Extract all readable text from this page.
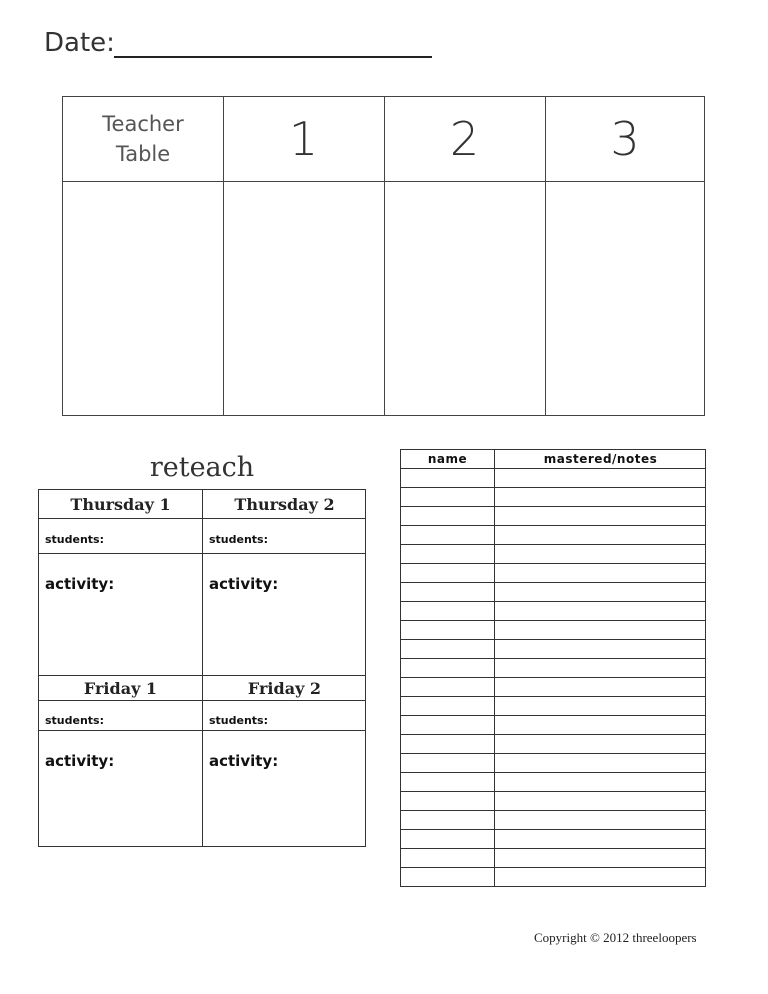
Date:
Teacher Table	1	2	3
reteach
Thursday 1	Thursday 2
students:	students:
activity:	activity:
Friday 1	Friday 2
students:	students:
activity:	activity:
name	mastered/notes
Copyright © 2012 threeloopers
